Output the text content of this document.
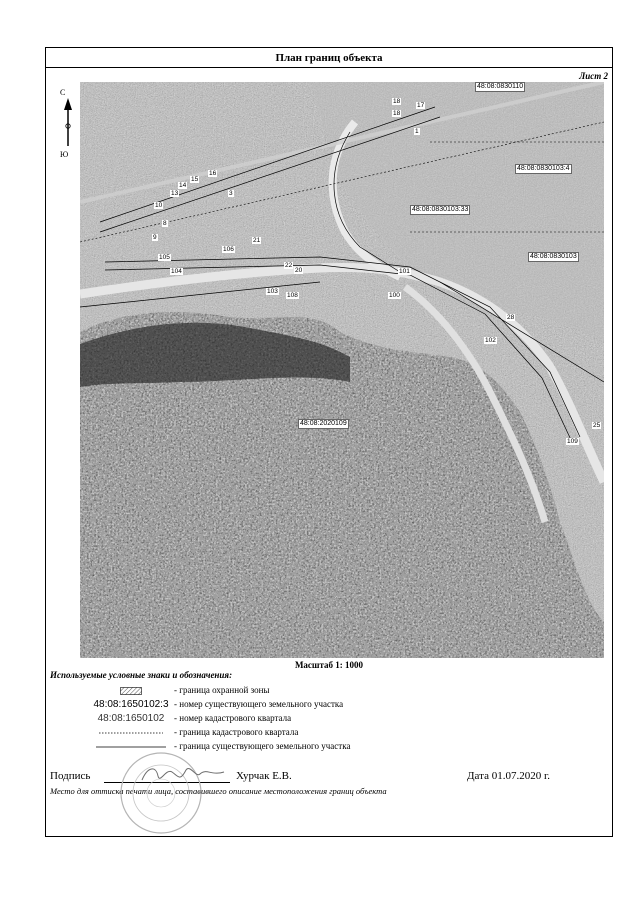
План границ объекта
Лист 2
С
Ю
48:08:0830110
48:08:0830103:4
48:08:0830103:33
48:08:0830103
48:08:2020109
18
17
18
1
16
15
14
13
10
8
9
105
104
106
3
21
22
20
103
108
101
100
28
102
25
109
Масштаб 1: 1000
Используемые условные знаки и обозначения:
- граница охранной зоны
48:08:1650102:3 - номер существующего земельного участка
48:08:1650102	- номер кадастрового квартала
- граница кадастрового квартала
- граница существующего земельного участка
Подпись	Хурчак Е.В.	Дата 01.07.2020 г.
Место для оттиска печати лица, составившего описание местоположения границ объекта
